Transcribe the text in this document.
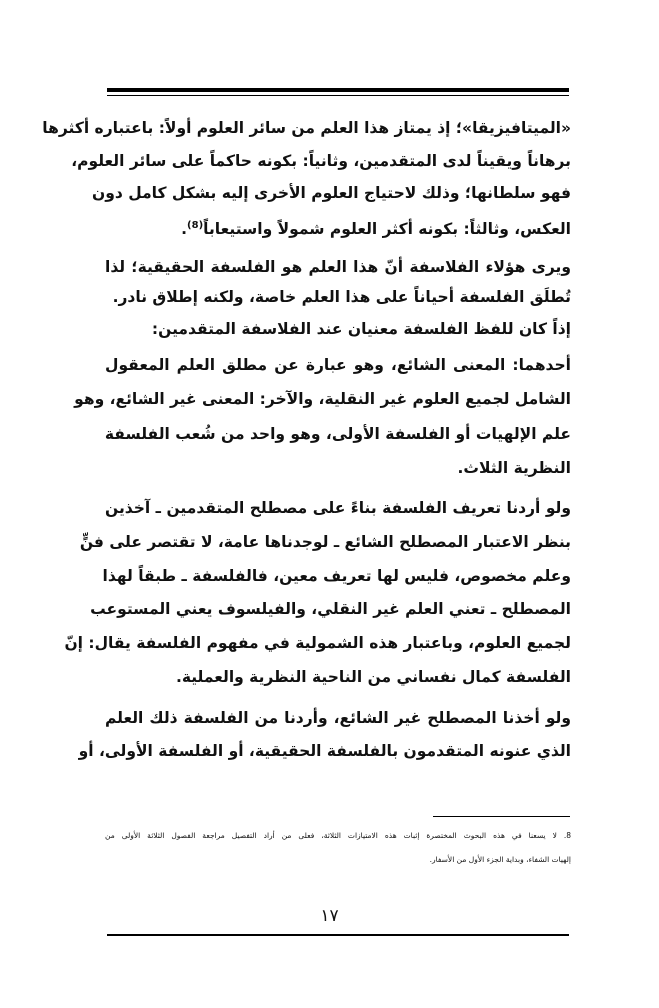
«الميتافيزيقا»؛ إذ يمتاز هذا العلم من سائر العلوم أولاً: باعتباره أكثرها
برهاناً ويقيناً لدى المتقدمين، وثانياً: بكونه حاكماً على سائر العلوم،
فهو سلطانها؛ وذلك لاحتياج العلوم الأخرى إليه بشكل كامل دون
العكس، وثالثاً: بكونه أكثر العلوم شمولاً واستيعاباً$^{(8)}$.

ويرى هؤلاء الفلاسفة أنّ هذا العلم هو الفلسفة الحقيقية؛ لذا
تُطلَق الفلسفة أحياناً على هذا العلم خاصة، ولكنه إطلاق نادر.

إذاً كان للفظ الفلسفة معنيان عند الفلاسفة المتقدمين:

أحدهما: المعنى الشائع، وهو عبارة عن مطلق العلم المعقول
الشامل لجميع العلوم غير النقلية، والآخر: المعنى غير الشائع، وهو
علم الإلهيات أو الفلسفة الأولى، وهو واحد من شُعب الفلسفة
النظرية الثلاث.

ولو أردنا تعريف الفلسفة بناءً على مصطلح المتقدمين ـ آخذين
بنظر الاعتبار المصطلح الشائع ـ لوجدناها عامة، لا تقتصر على فنٍّ
وعلم مخصوص، فليس لها تعريف معين، فالفلسفة ـ طبقاً لهذا
المصطلح ـ تعني العلم غير النقلي، والفيلسوف يعني المستوعب
لجميع العلوم، وباعتبار هذه الشمولية في مفهوم الفلسفة يقال: إنّ
الفلسفة كمال نفساني من الناحية النظرية والعملية.

ولو أخذنا المصطلح غير الشائع، وأردنا من الفلسفة ذلك العلم
الذي عنونه المتقدمون بالفلسفة الحقيقية، أو الفلسفة الأولى، أو

8. لا يسعنا في هذه البحوث المختصرة إثبات هذه الامتيازات الثلاثة، فعلى من أراد التفصيل مراجعة الفصول الثلاثة الأولى من
إلهيات الشفاء، وبداية الجزء الأول من الأسفار.
١٧
